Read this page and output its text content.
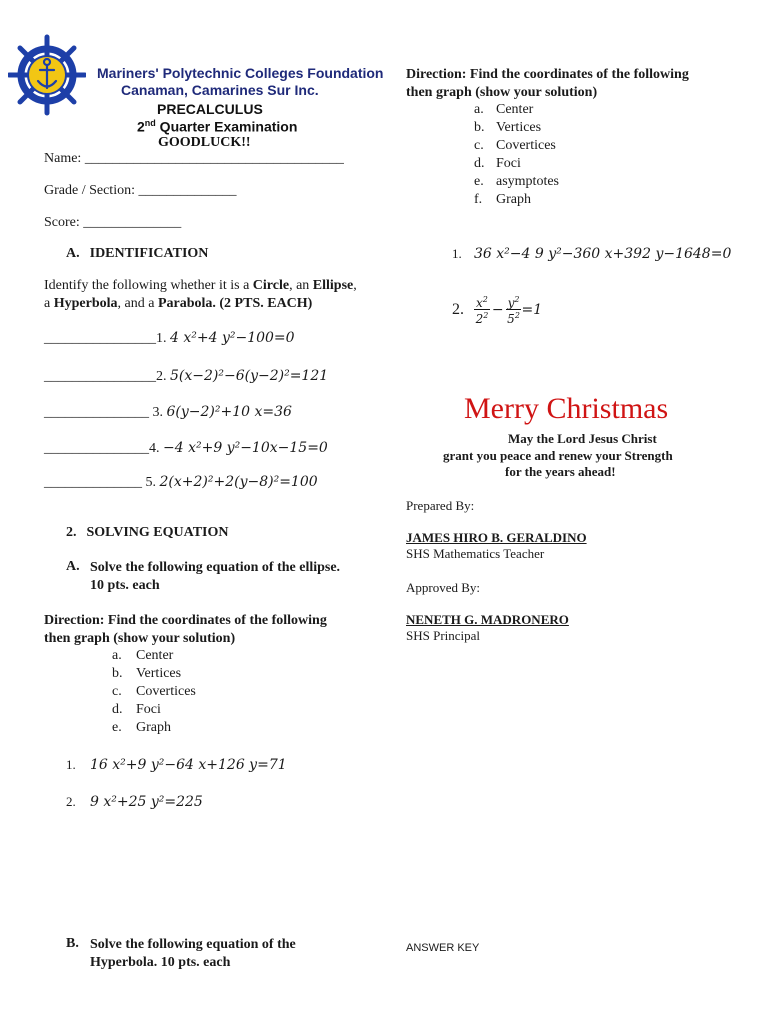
Mariners' Polytechnic Colleges Foundation
Canaman, Camarines Sur Inc.
PRECALCULUS
2nd Quarter Examination
GOODLUCK!!
Name: _____________________________________
Grade / Section: ______________
Score: ______________
A. IDENTIFICATION
Identify the following whether it is a Circle, an Ellipse,
a Hyperbola, and a Parabola. (2 PTS. EACH)
________________1. 4 x²+4 y²−100=0
________________2. 5(x−2)²−6(y−2)²=121
_______________ 3. 6(y−2)²+10 x=36
_______________4. −4 x²+9 y²−10x−15=0
______________ 5. 2(x+2)²+2(y−8)²=100
2. SOLVING EQUATION
A. Solve the following equation of the ellipse.
10 pts. each
Direction: Find the coordinates of the following
then graph (show your solution)
a. Center
b. Vertices
c. Covertices
d. Foci
e. Graph
1. 16 x²+9 y²−64 x+126 y=71
2. 9 x²+25 y²=225
B. Solve the following equation of the
Hyperbola. 10 pts. each
Direction: Find the coordinates of the following
then graph (show your solution)
a. Center
b. Vertices
c. Covertices
d. Foci
e. asymptotes
f. Graph
1. 36 x²−4 9 y²−360 x+392 y−1648=0
2. $\frac{x^2}{2^2} - \frac{y^2}{5^2} =1$
Merry Christmas
May the Lord Jesus Christ
grant you peace and renew your Strength
for the years ahead!
Prepared By:
JAMES HIRO B. GERALDINO
SHS Mathematics Teacher
Approved By:
NENETH G. MADRONERO
SHS Principal
ANSWER KEY
